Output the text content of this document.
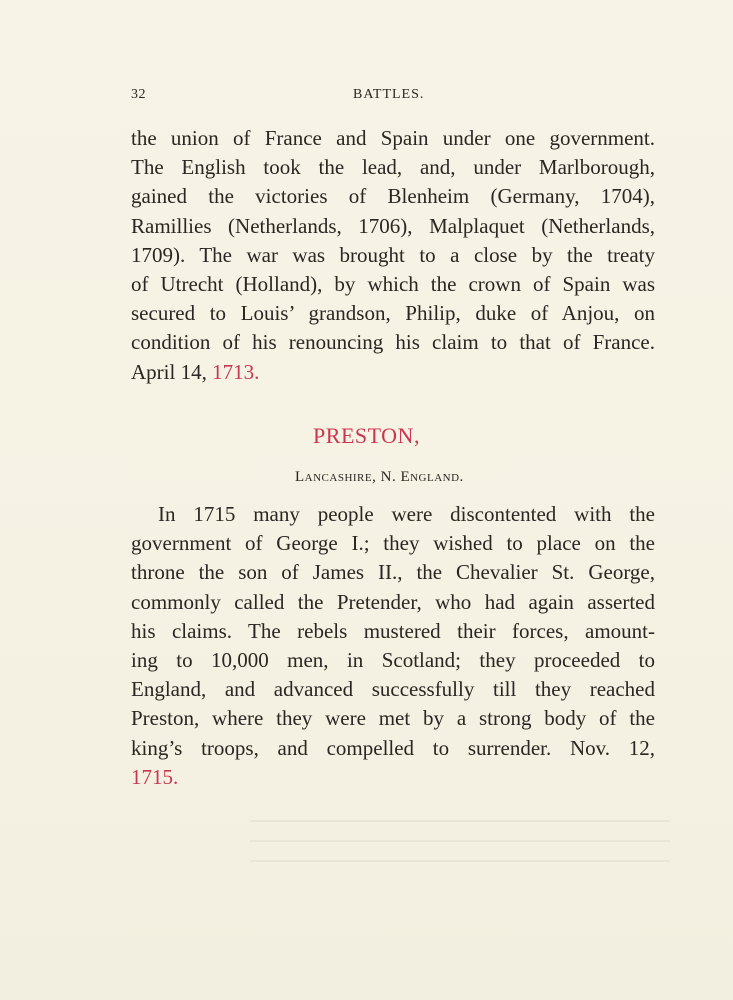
32	BATTLES.
the union of France and Spain under one government.
The English took the lead, and, under Marlborough,
gained the victories of Blenheim (Germany, 1704),
Ramillies (Netherlands, 1706), Malplaquet (Netherlands,
1709). The war was brought to a close by the treaty
of Utrecht (Holland), by which the crown of Spain was
secured to Louis’ grandson, Philip, duke of Anjou, on
condition of his renouncing his claim to that of France.
April 14, 1713.
PRESTON,
Lancashire, N. England.
In 1715 many people were discontented with the
government of George I.; they wished to place on the
throne the son of James II., the Chevalier St. George,
commonly called the Pretender, who had again asserted
his claims. The rebels mustered their forces, amount-
ing to 10,000 men, in Scotland; they proceeded to
England, and advanced successfully till they reached
Preston, where they were met by a strong body of the
king’s troops, and compelled to surrender. Nov. 12,
1715.
